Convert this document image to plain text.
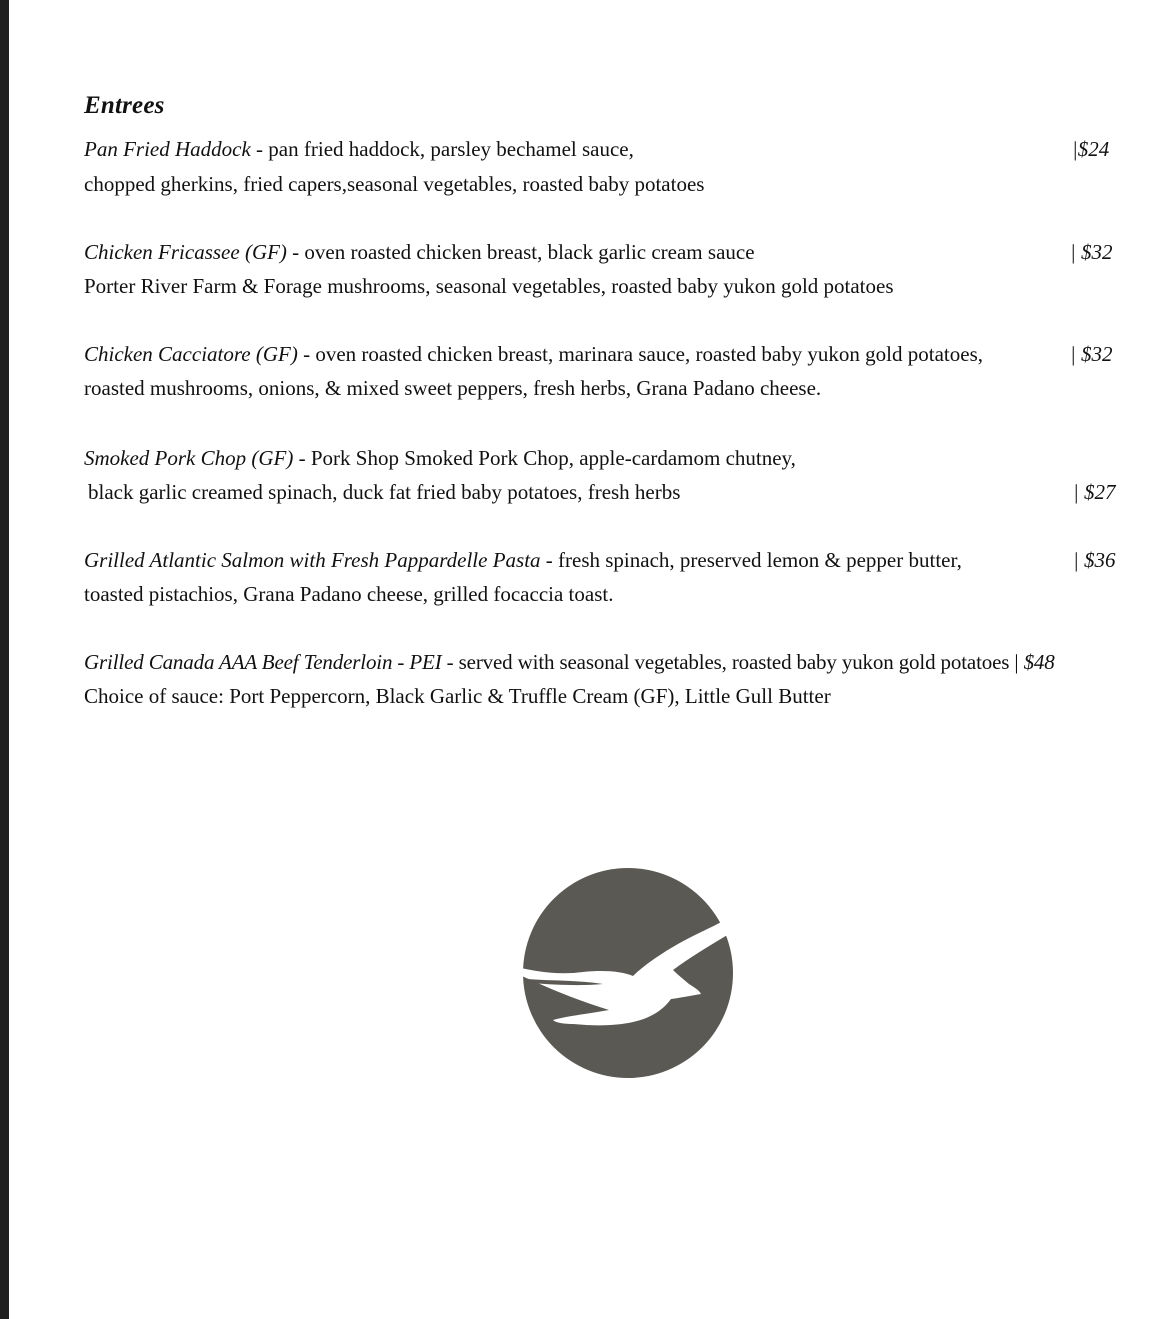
Entrees
Pan Fried Haddock - pan fried haddock, parsley bechamel sauce,
chopped gherkins, fried capers,seasonal vegetables, roasted baby potatoes
|$24
Chicken Fricassee (GF) - oven roasted chicken breast, black garlic cream sauce
Porter River Farm & Forage mushrooms, seasonal vegetables, roasted baby yukon gold potatoes
| $32
Chicken Cacciatore (GF) - oven roasted chicken breast, marinara sauce, roasted baby yukon gold potatoes,
roasted mushrooms, onions, & mixed sweet peppers, fresh herbs, Grana Padano cheese.
| $32
Smoked Pork Chop (GF) - Pork Shop Smoked Pork Chop, apple-cardamom chutney,
black garlic creamed spinach, duck fat fried baby potatoes, fresh herbs	| $27
Grilled Atlantic Salmon with Fresh Pappardelle Pasta - fresh spinach, preserved lemon & pepper butter,
toasted pistachios, Grana Padano cheese, grilled focaccia toast.
| $36
Grilled Canada AAA Beef Tenderloin - PEI - served with seasonal vegetables, roasted baby yukon gold potatoes | $48
Choice of sauce: Port Peppercorn, Black Garlic & Truffle Cream (GF), Little Gull Butter
